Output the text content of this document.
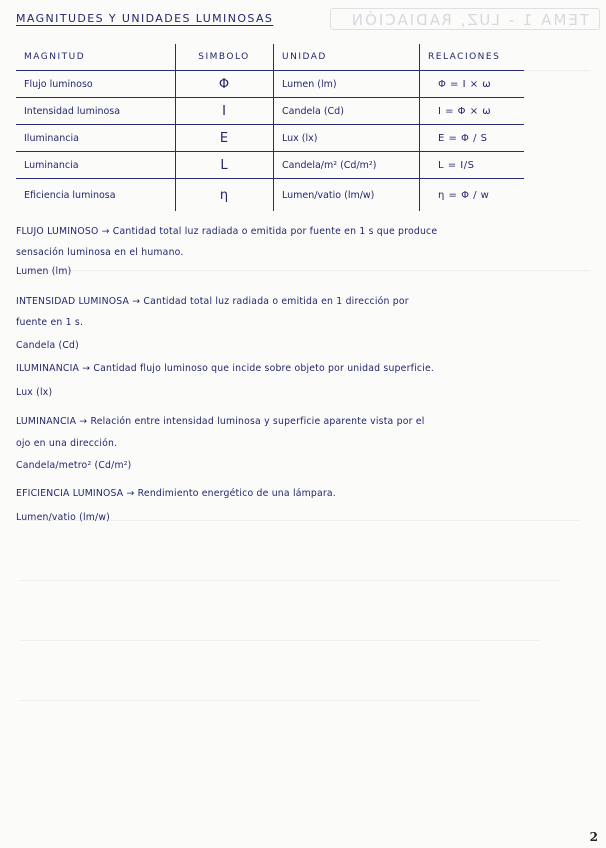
TEMA 1 - LUZ, RADIACIÓN
MAGNITUDES Y UNIDADES LUMINOSAS
MAGNITUD	SIMBOLO	UNIDAD	RELACIONES
Flujo luminoso	Φ	Lumen (lm)	Φ = I × ω
Intensidad luminosa	I	Candela (Cd)	I = Φ × ω
Iluminancia	E	Lux (lx)	E = Φ / S
Luminancia	L	Candela/m² (Cd/m²)	L = I/S
Eficiencia luminosa	η	Lumen/vatio (lm/w)	η = Φ / w
FLUJO LUMINOSO → Cantidad total luz radiada o emitida por fuente en 1 s que produce
sensación luminosa en el humano.
Lumen (lm)
INTENSIDAD LUMINOSA → Cantidad total luz radiada o emitida en 1 dirección por
fuente en 1 s.
Candela (Cd)
ILUMINANCIA → Cantidad flujo luminoso que incide sobre objeto por unidad superficie.
Lux (lx)
LUMINANCIA → Relación entre intensidad luminosa y superficie aparente vista por el
ojo en una dirección.
Candela/metro² (Cd/m²)
EFICIENCIA LUMINOSA → Rendimiento energético de una lámpara.
Lumen/vatio (lm/w)
2
